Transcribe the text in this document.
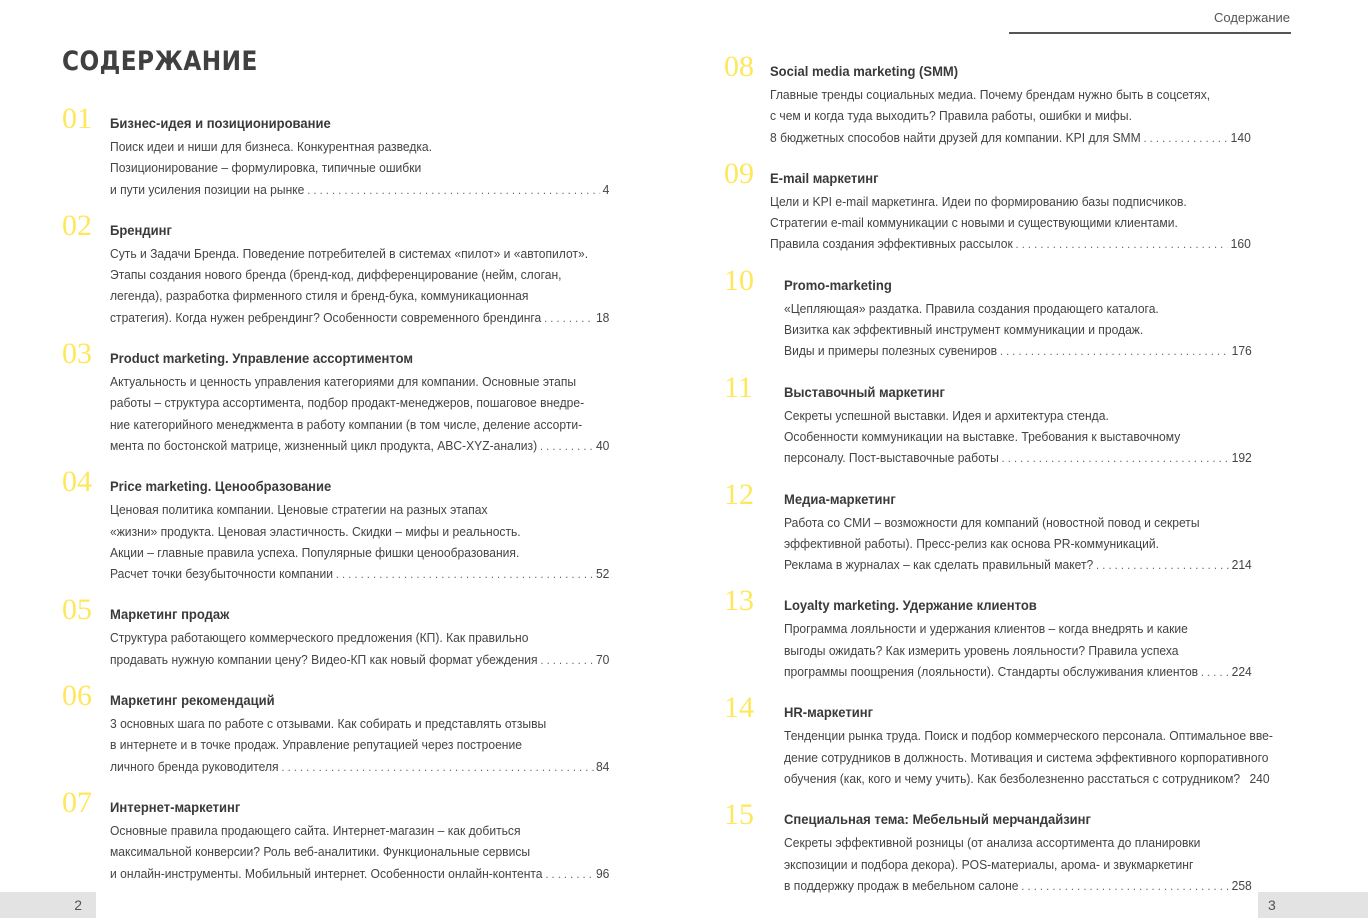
СОДЕРЖАНИЕ
01	Бизнес-идея и позиционирование
Поиск идеи и ниши для бизнеса. Конкурентная разведка.
Позиционирование – формулировка, типичные ошибки
и пути усиления позиции на рынке . . .	4
02	Брендинг
Суть и Задачи Бренда. Поведение потребителей в системах «пилот» и «автопилот».
Этапы создания нового бренда (бренд-код, дифференцирование (нейм, слоган,
легенда), разработка фирменного стиля и бренд-бука, коммуникационная
стратегия). Когда нужен ребрендинг? Особенности современного брендинга . . .	18
03	Product marketing. Управление ассортиментом
Актуальность и ценность управления категориями для компании. Основные этапы
работы – структура ассортимента, подбор продакт-менеджеров, пошаговое внедре-
ние категорийного менеджмента в работу компании (в том числе, деление ассорти-
мента по бостонской матрице, жизненный цикл продукта, ABC-XYZ-анализ) . . .	40
04	Price marketing. Ценообразование
Ценовая политика компании. Ценовые стратегии на разных этапах
«жизни» продукта. Ценовая эластичность. Скидки – мифы и реальность.
Акции – главные правила успеха. Популярные фишки ценообразования.
Расчет точки безубыточности компании . . .	52
05	Маркетинг продаж
Структура работающего коммерческого предложения (КП). Как правильно
продавать нужную компании цену? Видео-КП как новый формат убеждения . . .	70
06	Маркетинг рекомендаций
3 основных шага по работе с отзывами. Как собирать и представлять отзывы
в интернете и в точке продаж. Управление репутацией через построение
личного бренда руководителя . . .	84
07	Интернет-маркетинг
Основные правила продающего сайта. Интернет-магазин – как добиться
максимальной конверсии? Роль веб-аналитики. Функциональные сервисы
и онлайн-инструменты. Мобильный интернет. Особенности онлайн-контента . . .	96
2
Содержание
08	Social media marketing (SMM)
Главные тренды социальных медиа. Почему брендам нужно быть в соцсетях,
с чем и когда туда выходить? Правила работы, ошибки и мифы.
8 бюджетных способов найти друзей для компании. KPI для SMM . . .	140
09	E-mail маркетинг
Цели и KPI e-mail маркетинга. Идеи по формированию базы подписчиков.
Стратегии e-mail коммуникации с новыми и существующими клиентами.
Правила создания эффективных рассылок . . .	160
10	Promo-marketing
«Цепляющая» раздатка. Правила создания продающего каталога.
Визитка как эффективный инструмент коммуникации и продаж.
Виды и примеры полезных сувениров . . .	176
11	Выставочный маркетинг
Секреты успешной выставки. Идея и архитектура стенда.
Особенности коммуникации на выставке. Требования к выставочному
персоналу. Пост-выставочные работы . . .	192
12	Медиа-маркетинг
Работа со СМИ – возможности для компаний (новостной повод и секреты
эффективной работы). Пресс-релиз как основа PR-коммуникаций.
Реклама в журналах – как сделать правильный макет? . . .	214
13	Loyalty marketing. Удержание клиентов
Программа лояльности и удержания клиентов – когда внедрять и какие
выгоды ожидать? Как измерить уровень лояльности? Правила успеха
программы поощрения (лояльности). Стандарты обслуживания клиентов . . .	224
14	HR-маркетинг
Тенденции рынка труда. Поиск и подбор коммерческого персонала. Оптимальное вве-
дение сотрудников в должность. Мотивация и система эффективного корпоративного
обучения (как, кого и чему учить). Как безболезненно расстаться с сотрудником? 240
15	Специальная тема: Мебельный мерчандайзинг
Секреты эффективной розницы (от анализа ассортимента до планировки
экспозиции и подбора декора). POS-материалы, арома- и звукмаркетинг
в поддержку продаж в мебельном салоне . . .	258
3
